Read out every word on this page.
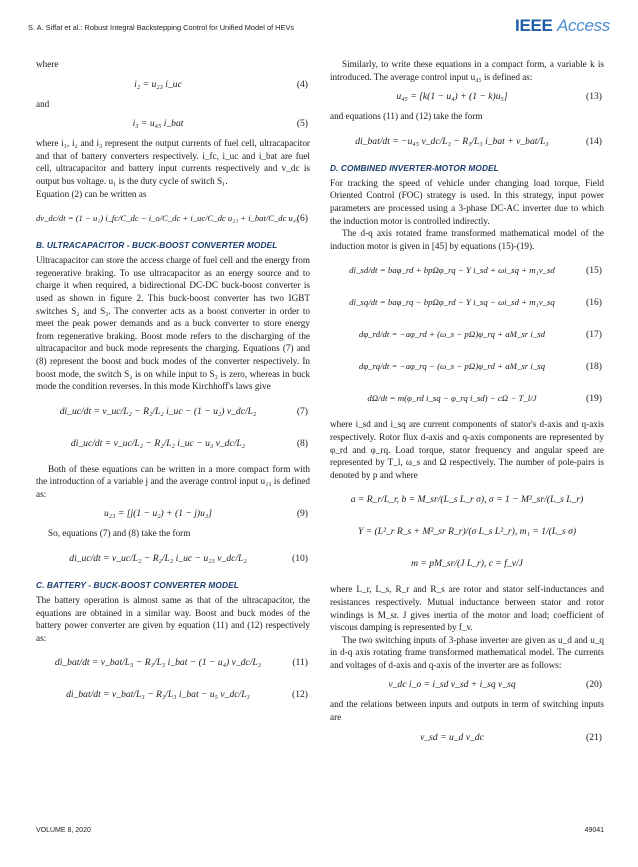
S. A. Siffat et al.: Robust Integral Backstepping Control for Unified Model of HEVs	IEEE Access

where

i₂ = u₂₃ i_uc	(4)

and

i₃ = u₄₅ i_bat	(5)

where i₁, i₂ and i₃ represent the output currents of fuel cell, ultracapacitor and that of battery converters respectively. i_fc, i_uc and i_bat are fuel cell, ultracapacitor and battery input currents respectively and v_dc is output bus voltage. u₁ is the duty cycle of switch S₁.

Equation (2) can be written as

dv_dc/dt = (1 − u₁) i_fc/C_dc − i_o/C_dc + i_uc/C_dc u₂₃ + i_bat/C_dc u₄₅
(6)
B. ULTRACAPACITOR - BUCK-BOOST CONVERTER MODEL

Ultracapacitor can store the access charge of fuel cell and the energy from regenerative braking. To use ultracapacitor as an energy source and to charge it when required, a bidirectional DC-DC buck-boost converter is used as shown in figure 2. This buck-boost converter has two IGBT switches S₂ and S₃. The converter acts as a boost converter in order to meet the peak power demands and as a buck converter to store energy from regenerative braking. Boost mode refers to the discharging of the ultracapacitor and buck mode represents the charging. Equations (7) and (8) represent the boost and buck modes of the converter respectively. In boost mode, the switch S₂ is on while input to S₃ is zero, whereas in buck mode the condition reverses. In this mode Kirchhoff's laws give

di_uc/dt = v_uc/L₂ − R₂/L₂ i_uc − (1 − u₂) v_dc/L₂	(7)
di_uc/dt = v_uc/L₂ − R₂/L₂ i_uc − u₃ v_dc/L₂	(8)

Both of these equations can be written in a more compact form with the introduction of a variable j and the average control input u₂₃ is defined as:

u₂₃ = [j(1 − u₂) + (1 − j)u₃]	(9)

So, equations (7) and (8) take the form

di_uc/dt = v_uc/L₂ − R₂/L₂ i_uc − u₂₃ v_dc/L₂	(10)
C. BATTERY - BUCK-BOOST CONVERTER MODEL

The battery operation is almost same as that of the ultracapacitor, the equations are obtained in a similar way. Boost and buck modes of the battery power converter are given by equation (11) and (12) respectively as:

di_bat/dt = v_bat/L₃ − R₃/L₃ i_bat − (1 − u₄) v_dc/L₃	(11)
di_bat/dt = v_bat/L₃ − R₃/L₃ i_bat − u₅ v_dc/L₃	(12)

Similarly, to write these equations in a compact form, a variable k is introduced. The average control input u₄₅ is defined as:

u₄₅ = [k(1 − u₄) + (1 − k)u₅]	(13)

and equations (11) and (12) take the form

di_bat/dt = −u₄₅ v_dc/L₃ − R₃/L₃ i_bat + v_bat/L₃	(14)
D. COMBINED INVERTER-MOTOR MODEL

For tracking the speed of vehicle under changing load torque, Field Oriented Control (FOC) strategy is used. In this strategy, input power parameters are processed using a 3-phase DC-AC inverter due to which the induction motor is controlled indirectly.

The d-q axis rotated frame transformed mathematical model of the induction motor is given in [45] by equations (15)-(19).

di_sd/dt = baφ_rd + bpΩφ_rq − Υ i_sd + ωi_sq + m₁v_sd	(15)
di_sq/dt = baφ_rq − bpΩφ_rd − Υ i_sq − ωi_sd + m₁v_sq	(16)
dφ_rd/dt = −aφ_rd + (ω_s − pΩ)φ_rq + aM_sr i_sd	(17)
dφ_rq/dt = −aφ_rq − (ω_s − pΩ)φ_rd + aM_sr i_sq	(18)
dΩ/dt = m(φ_rd i_sq − φ_rq i_sd) − cΩ − T_l/J	(19)

where i_sd and i_sq are current components of stator's d-axis and q-axis respectively. Rotor flux d-axis and q-axis components are represented by φ_rd and φ_rq. Load torque, stator frequency and angular speed are represented by T_l, ω_s and Ω respectively. The number of pole-pairs is denoted by p and where

a = R_r/L_r, b = M_sr/(L_s L_r σ), σ = 1 − M²_sr/(L_s L_r)
Υ = (L²_r R_s + M²_sr R_r)/(σ L_s L²_r), m₁ = 1/(L_s σ)
m = pM_sr/(J L_r), c = f_v/J

where L_r, L_s, R_r and R_s are rotor and stator self-inductances and resistances respectively. Mutual inductance between stator and rotor windings is M_sr. J gives inertia of the motor and load; coefficient of viscous damping is represented by f_v.

The two switching inputs of 3-phase inverter are given as u_d and u_q in d-q axis rotating frame transformed mathematical model. The currents and voltages of d-axis and q-axis of the inverter are as follows:

v_dc i_o = i_sd v_sd + i_sq v_sq	(20)

and the relations between inputs and outputs in term of switching inputs are

v_sd = u_d v_dc	(21)
VOLUME 8, 2020	49041
